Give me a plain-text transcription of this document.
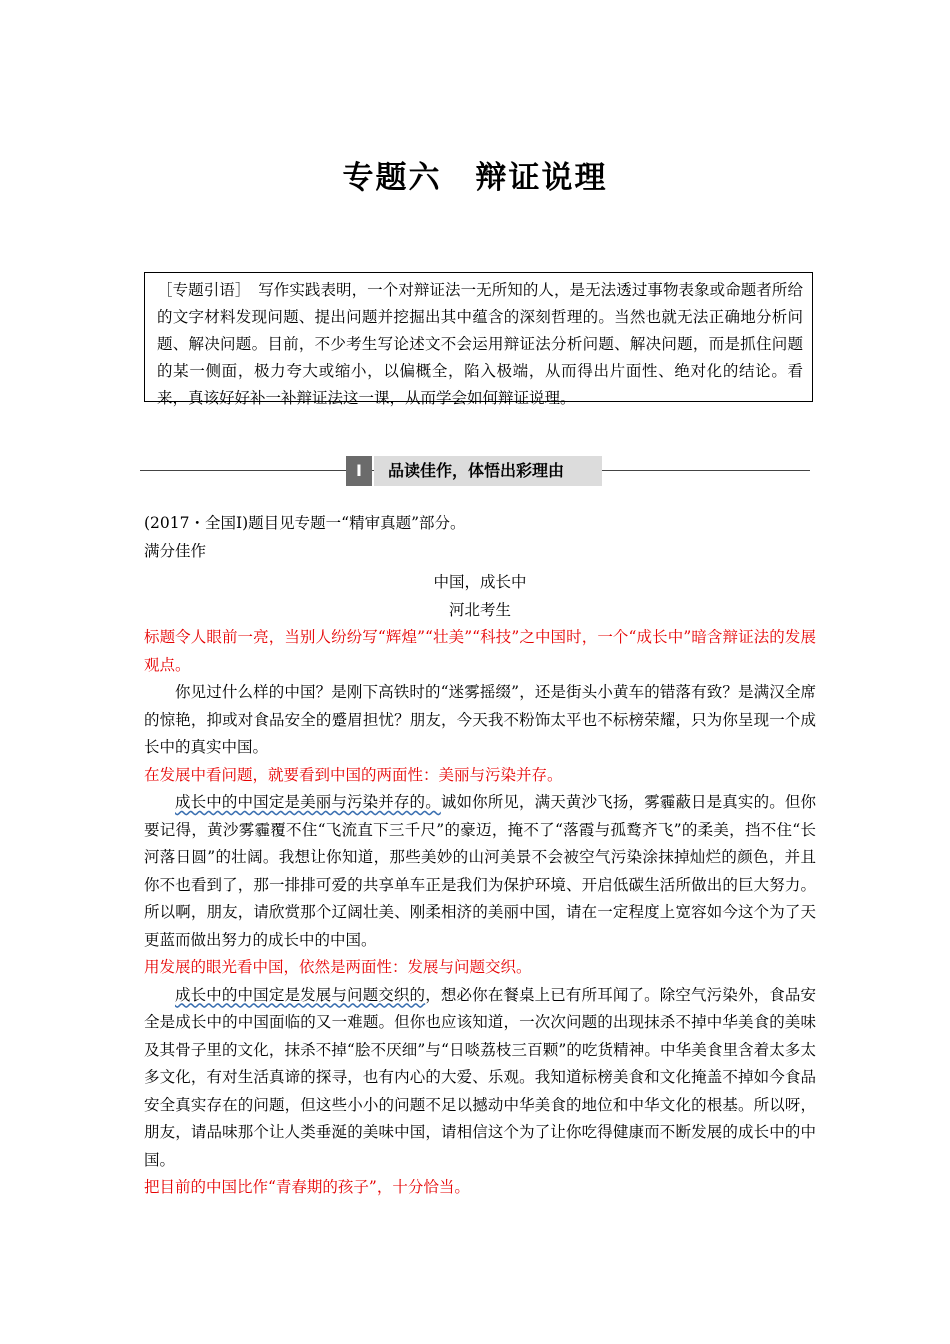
专题六 辩证说理
［专题引语］　写作实践表明，一个对辩证法一无所知的人，是无法透过事物表象或命题者所给的文字材料发现问题、提出问题并挖掘出其中蕴含的深刻哲理的。当然也就无法正确地分析问题、解决问题。目前，不少考生写论述文不会运用辩证法分析问题、解决问题，而是抓住问题的某一侧面，极力夸大或缩小，以偏概全，陷入极端，从而得出片面性、绝对化的结论。看来，真该好好补一补辩证法这一课，从而学会如何辩证说理。
I	品读佳作，体悟出彩理由

(2017・全国Ⅰ)题目见专题一“精审真题”部分。

满分佳作

中国，成长中

河北考生

标题令人眼前一亮，当别人纷纷写“辉煌”“壮美”“科技”之中国时，一个“成长中”暗含辩证法的发展观点。

你见过什么样的中国？是刚下高铁时的“迷雾摇缀”，还是街头小黄车的错落有致？是满汉全席的惊艳，抑或对食品安全的蹙眉担忧？朋友，今天我不粉饰太平也不标榜荣耀，只为你呈现一个成长中的真实中国。

在发展中看问题，就要看到中国的两面性：美丽与污染并存。

成长中的中国定是美丽与污染并存的。诚如你所见，满天黄沙飞扬，雾霾蔽日是真实的。但你要记得，黄沙雾霾覆不住“飞流直下三千尺”的豪迈，掩不了“落霞与孤鹜齐飞”的柔美，挡不住“长河落日圆”的壮阔。我想让你知道，那些美妙的山河美景不会被空气污染涂抹掉灿烂的颜色，并且你不也看到了，那一排排可爱的共享单车正是我们为保护环境、开启低碳生活所做出的巨大努力。所以啊，朋友，请欣赏那个辽阔壮美、刚柔相济的美丽中国，请在一定程度上宽容如今这个为了天更蓝而做出努力的成长中的中国。

用发展的眼光看中国，依然是两面性：发展与问题交织。

成长中的中国定是发展与问题交织的，想必你在餐桌上已有所耳闻了。除空气污染外，食品安全是成长中的中国面临的又一难题。但你也应该知道，一次次问题的出现抹杀不掉中华美食的美味及其骨子里的文化，抹杀不掉“脍不厌细”与“日啖荔枝三百颗”的吃货精神。中华美食里含着太多太多文化，有对生活真谛的探寻，也有内心的大爱、乐观。我知道标榜美食和文化掩盖不掉如今食品安全真实存在的问题，但这些小小的问题不足以撼动中华美食的地位和中华文化的根基。所以呀，朋友，请品味那个让人类垂涎的美味中国，请相信这个为了让你吃得健康而不断发展的成长中的中国。

把目前的中国比作“青春期的孩子”，十分恰当。
